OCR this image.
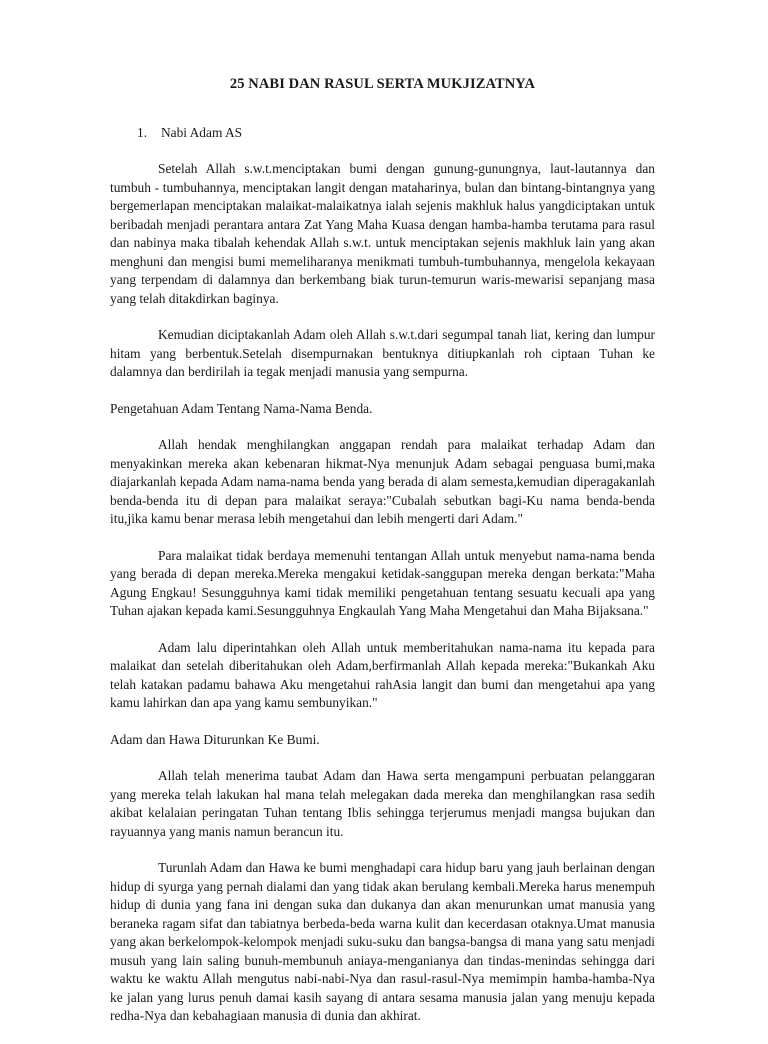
25 NABI DAN RASUL SERTA MUKJIZATNYA
1. Nabi Adam AS

Setelah Allah s.w.t.menciptakan bumi dengan gunung-gunungnya, laut-lautannya dan tumbuh - tumbuhannya, menciptakan langit dengan mataharinya, bulan dan bintang-bintangnya yang bergemerlapan menciptakan malaikat-malaikatnya ialah sejenis makhluk halus yangdiciptakan untuk beribadah menjadi perantara antara Zat Yang Maha Kuasa dengan hamba-hamba terutama para rasul dan nabinya maka tibalah kehendak Allah s.w.t. untuk menciptakan sejenis makhluk lain yang akan menghuni dan mengisi bumi memeliharanya menikmati tumbuh-tumbuhannya, mengelola kekayaan yang terpendam di dalamnya dan berkembang biak turun-temurun waris-mewarisi sepanjang masa yang telah ditakdirkan baginya.

Kemudian diciptakanlah Adam oleh Allah s.w.t.dari segumpal tanah liat, kering dan lumpur hitam yang berbentuk.Setelah disempurnakan bentuknya ditiupkanlah roh ciptaan Tuhan ke dalamnya dan berdirilah ia tegak menjadi manusia yang sempurna.

Pengetahuan Adam Tentang Nama-Nama Benda.

Allah hendak menghilangkan anggapan rendah para malaikat terhadap Adam dan menyakinkan mereka akan kebenaran hikmat-Nya menunjuk Adam sebagai penguasa bumi,maka diajarkanlah kepada Adam nama-nama benda yang berada di alam semesta,kemudian diperagakanlah benda-benda itu di depan para malaikat seraya:"Cubalah sebutkan bagi-Ku nama benda-benda itu,jika kamu benar merasa lebih mengetahui dan lebih mengerti dari Adam."

Para malaikat tidak berdaya memenuhi tentangan Allah untuk menyebut nama-nama benda yang berada di depan mereka.Mereka mengakui ketidak-sanggupan mereka dengan berkata:"Maha Agung Engkau! Sesungguhnya kami tidak memiliki pengetahuan tentang sesuatu kecuali apa yang Tuhan ajakan kepada kami.Sesungguhnya Engkaulah Yang Maha Mengetahui dan Maha Bijaksana."

Adam lalu diperintahkan oleh Allah untuk memberitahukan nama-nama itu kepada para malaikat dan setelah diberitahukan oleh Adam,berfirmanlah Allah kepada mereka:"Bukankah Aku telah katakan padamu bahawa Aku mengetahui rahAsia langit dan bumi dan mengetahui apa yang kamu lahirkan dan apa yang kamu sembunyikan."

Adam dan Hawa Diturunkan Ke Bumi.

Allah telah menerima taubat Adam dan Hawa serta mengampuni perbuatan pelanggaran yang mereka telah lakukan hal mana telah melegakan dada mereka dan menghilangkan rasa sedih akibat kelalaian peringatan Tuhan tentang Iblis sehingga terjerumus menjadi mangsa bujukan dan rayuannya yang manis namun berancun itu.

Turunlah Adam dan Hawa ke bumi menghadapi cara hidup baru yang jauh berlainan dengan hidup di syurga yang pernah dialami dan yang tidak akan berulang kembali.Mereka harus menempuh hidup di dunia yang fana ini dengan suka dan dukanya dan akan menurunkan umat manusia yang beraneka ragam sifat dan tabiatnya berbeda-beda warna kulit dan kecerdasan otaknya.Umat manusia yang akan berkelompok-kelompok menjadi suku-suku dan bangsa-bangsa di mana yang satu menjadi musuh yang lain saling bunuh-membunuh aniaya-menganianya dan tindas-menindas sehingga dari waktu ke waktu Allah mengutus nabi-nabi-Nya dan rasul-rasul-Nya memimpin hamba-hamba-Nya ke jalan yang lurus penuh damai kasih sayang di antara sesama manusia jalan yang menuju kepada redha-Nya dan kebahagiaan manusia di dunia dan akhirat.
